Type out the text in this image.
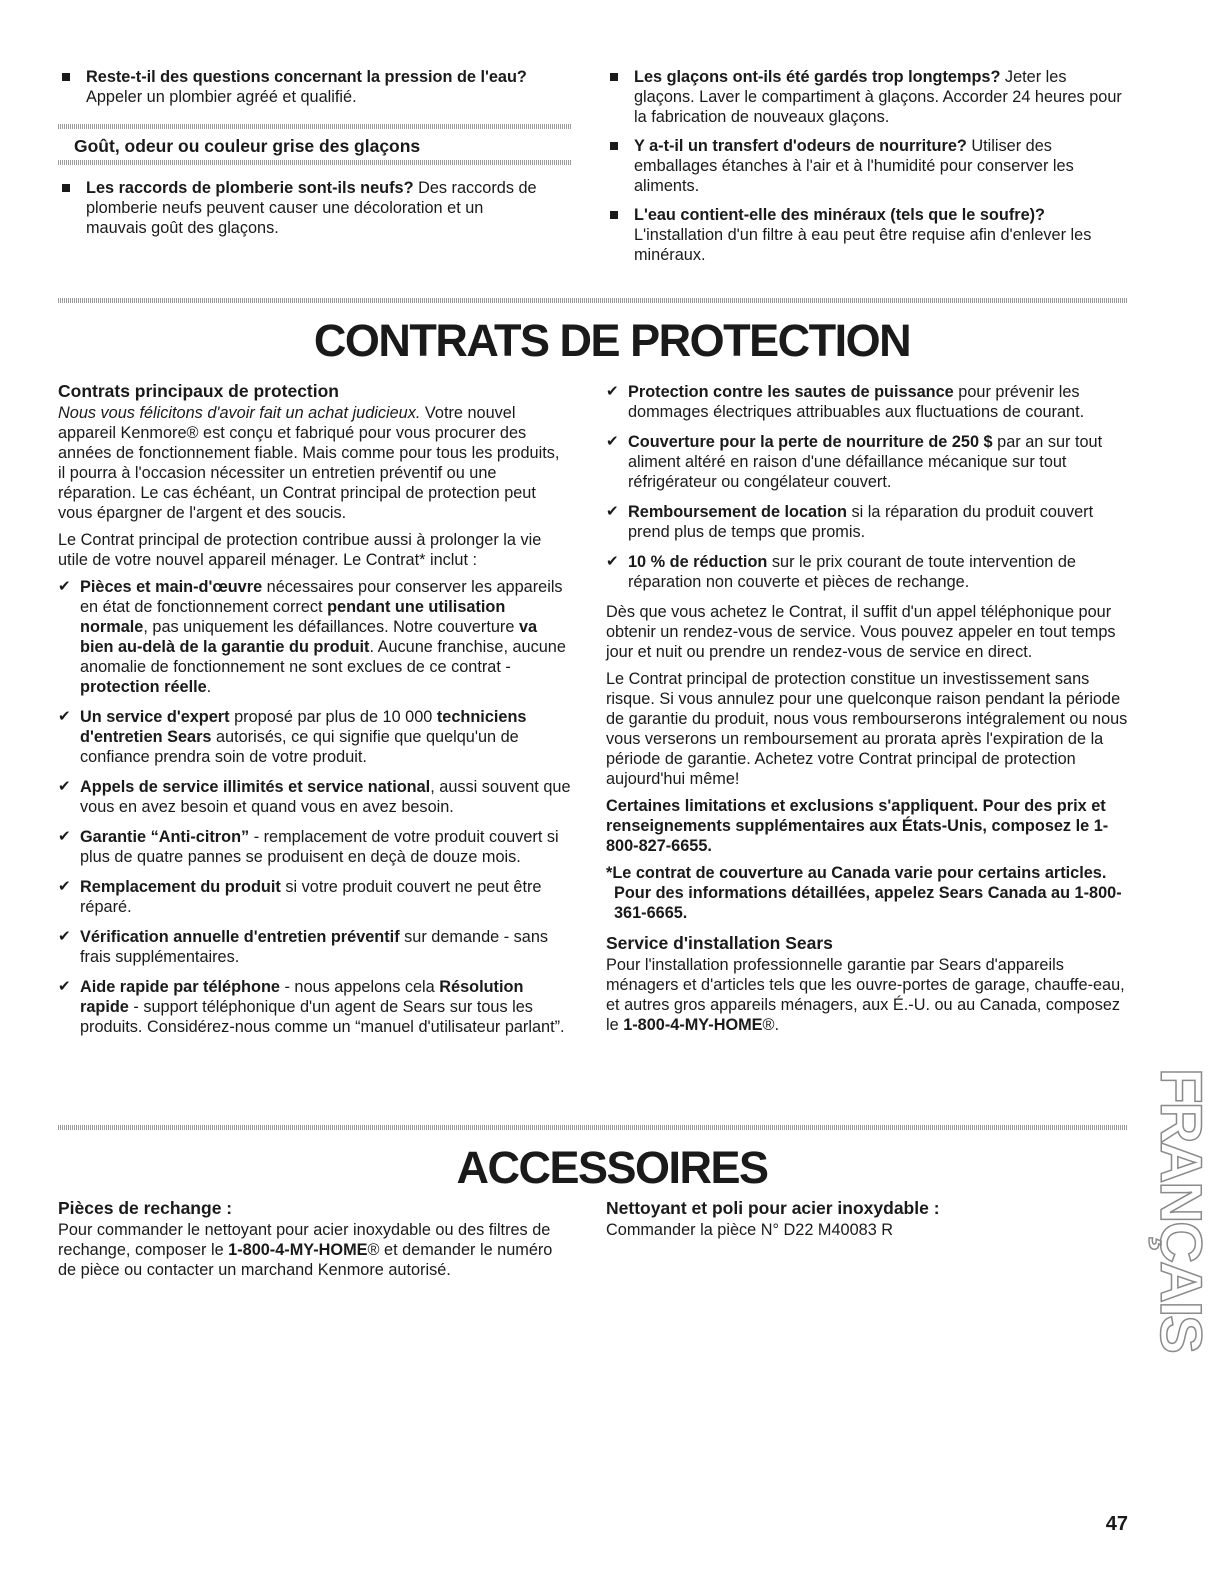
Reste-t-il des questions concernant la pression de l'eau?
Appeler un plombier agréé et qualifié.
Goût, odeur ou couleur grise des glaçons
Les raccords de plomberie sont-ils neufs? Des raccords de plomberie neufs peuvent causer une décoloration et un mauvais goût des glaçons.
Les glaçons ont-ils été gardés trop longtemps? Jeter les glaçons. Laver le compartiment à glaçons. Accorder 24 heures pour la fabrication de nouveaux glaçons.
Y a-t-il un transfert d'odeurs de nourriture? Utiliser des emballages étanches à l'air et à l'humidité pour conserver les aliments.
L'eau contient-elle des minéraux (tels que le soufre)? L'installation d'un filtre à eau peut être requise afin d'enlever les minéraux.
CONTRATS DE PROTECTION
Contrats principaux de protection

Nous vous félicitons d'avoir fait un achat judicieux. Votre nouvel appareil Kenmore® est conçu et fabriqué pour vous procurer des années de fonctionnement fiable. Mais comme pour tous les produits, il pourra à l'occasion nécessiter un entretien préventif ou une réparation. Le cas échéant, un Contrat principal de protection peut vous épargner de l'argent et des soucis.

Le Contrat principal de protection contribue aussi à prolonger la vie utile de votre nouvel appareil ménager. Le Contrat* inclut :

✔ Pièces et main-d'œuvre nécessaires pour conserver les appareils en état de fonctionnement correct pendant une utilisation normale, pas uniquement les défaillances. Notre couverture va bien au-delà de la garantie du produit. Aucune franchise, aucune anomalie de fonctionnement ne sont exclues de ce contrat - protection réelle.
✔ Un service d'expert proposé par plus de 10 000 techniciens d'entretien Sears autorisés, ce qui signifie que quelqu'un de confiance prendra soin de votre produit.
✔ Appels de service illimités et service national, aussi souvent que vous en avez besoin et quand vous en avez besoin.
✔ Garantie “Anti-citron” - remplacement de votre produit couvert si plus de quatre pannes se produisent en deçà de douze mois.
✔ Remplacement du produit si votre produit couvert ne peut être réparé.
✔ Vérification annuelle d'entretien préventif sur demande - sans frais supplémentaires.
✔ Aide rapide par téléphone - nous appelons cela Résolution rapide - support téléphonique d'un agent de Sears sur tous les produits. Considérez-nous comme un “manuel d'utilisateur parlant”.
✔ Protection contre les sautes de puissance pour prévenir les dommages électriques attribuables aux fluctuations de courant.
✔ Couverture pour la perte de nourriture de 250 $ par an sur tout aliment altéré en raison d'une défaillance mécanique sur tout réfrigérateur ou congélateur couvert.
✔ Remboursement de location si la réparation du produit couvert prend plus de temps que promis.
✔ 10 % de réduction sur le prix courant de toute intervention de réparation non couverte et pièces de rechange.

Dès que vous achetez le Contrat, il suffit d'un appel téléphonique pour obtenir un rendez-vous de service. Vous pouvez appeler en tout temps jour et nuit ou prendre un rendez-vous de service en direct.

Le Contrat principal de protection constitue un investissement sans risque. Si vous annulez pour une quelconque raison pendant la période de garantie du produit, nous vous rembourserons intégralement ou nous vous verserons un remboursement au prorata après l'expiration de la période de garantie. Achetez votre Contrat principal de protection aujourd'hui même!

Certaines limitations et exclusions s'appliquent. Pour des prix et renseignements supplémentaires aux États-Unis, composez le 1-800-827-6655.

*Le contrat de couverture au Canada varie pour certains articles. Pour des informations détaillées, appelez Sears Canada au 1-800-361-6665.

Service d'installation Sears

Pour l'installation professionnelle garantie par Sears d'appareils ménagers et d'articles tels que les ouvre-portes de garage, chauffe-eau, et autres gros appareils ménagers, aux É.-U. ou au Canada, composez le 1-800-4-MY-HOME®.

ACCESSOIRES
Pièces de rechange :

Pour commander le nettoyant pour acier inoxydable ou des filtres de rechange, composer le 1-800-4-MY-HOME® et demander le numéro de pièce ou contacter un marchand Kenmore autorisé.

Nettoyant et poli pour acier inoxydable :

Commander la pièce N° D22 M40083 R	FRANÇAIS
47
